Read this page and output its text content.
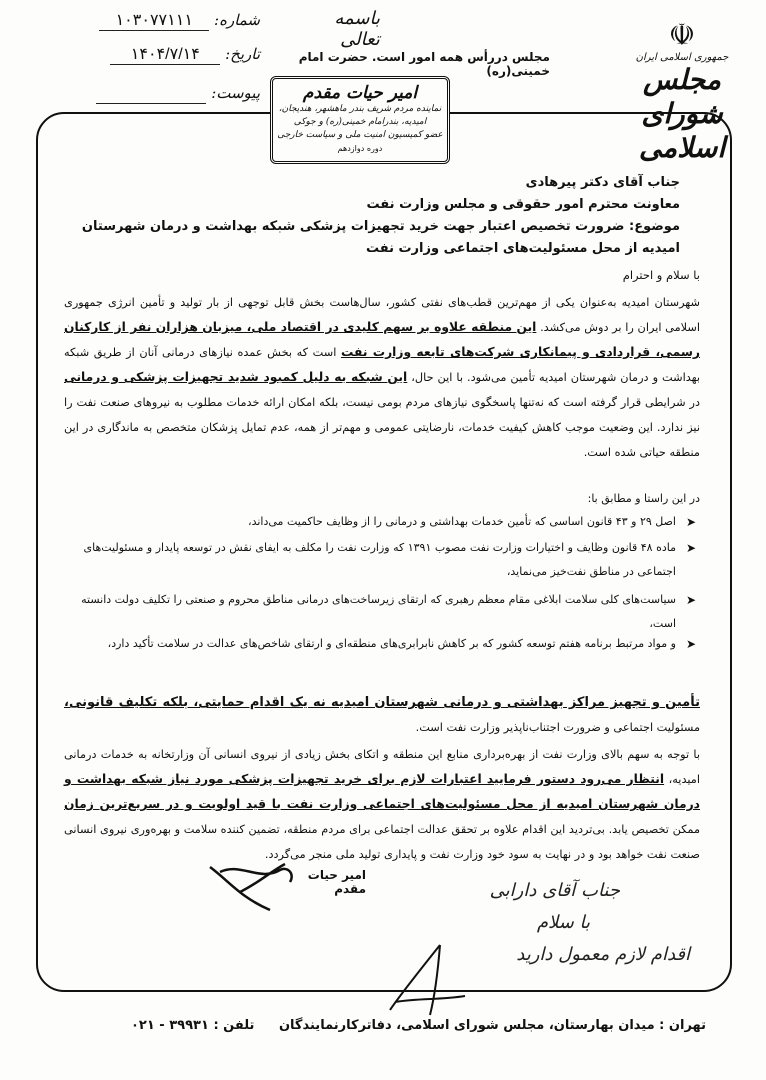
شماره: ۱۰۳۰۷۷۱۱۱
تاریخ: ۱۴۰۴/۷/۱۴
پیوست:
باسمه تعالی
مجلس دررأس همه امور است. حضرت امام خمینی(ره)
☫
جمهوری اسلامی ایران
مجلس شورای اسلامی
امیر حیات مقدم
نماینده مردم شریف بندر ماهشهر، هندیجان، امیدیه، بندرامام خمینی(ره) و جوکی
عضو کمیسیون امنیت ملی و سیاست خارجی
دوره دوازدهم
جناب آقای دکتر پیرهادی
معاونت محترم امور حقوقی و مجلس وزارت نفت
موضوع: ضرورت تخصیص اعتبار جهت خرید تجهیزات پزشکی شبکه بهداشت و درمان شهرستان امیدیه از محل مسئولیت‌های اجتماعی وزارت نفت
با سلام و احترام
شهرستان امیدیه به‌عنوان یکی از مهم‌ترین قطب‌های نفتی کشور، سال‌هاست بخش قابل توجهی از بار تولید و تأمین انرژی جمهوری اسلامی ایران را بر دوش می‌کشد. این منطقه علاوه بر سهم کلیدی در اقتصاد ملی، میزبان هزاران نفر از کارکنان رسمی، قراردادی و پیمانکاری شرکت‌های تابعه وزارت نفت است که بخش عمده نیازهای درمانی آنان از طریق شبکه بهداشت و درمان شهرستان امیدیه تأمین می‌شود. با این حال، این شبکه به دلیل کمبود شدید تجهیزات پزشکی و درمانی در شرایطی قرار گرفته است که نه‌تنها پاسخگوی نیازهای مردم بومی نیست، بلکه امکان ارائه خدمات مطلوب به نیروهای صنعت نفت را نیز ندارد. این وضعیت موجب کاهش کیفیت خدمات، نارضایتی عمومی و مهم‌تر از همه، عدم تمایل پزشکان متخصص به ماندگاری در این منطقه حیاتی شده است.
در این راستا و مطابق با:
➤
اصل ۲۹ و ۴۳ قانون اساسی که تأمین خدمات بهداشتی و درمانی را از وظایف حاکمیت می‌داند،
➤
ماده ۴۸ قانون وظایف و اختیارات وزارت نفت مصوب ۱۳۹۱ که وزارت نفت را مکلف به ایفای نقش در توسعه پایدار و مسئولیت‌های اجتماعی در مناطق نفت‌خیز می‌نماید،
➤
سیاست‌های کلی سلامت ابلاغی مقام معظم رهبری که ارتقای زیرساخت‌های درمانی مناطق محروم و صنعتی را تکلیف دولت دانسته است،
➤
و مواد مرتبط برنامه هفتم توسعه کشور که بر کاهش نابرابری‌های منطقه‌ای و ارتقای شاخص‌های عدالت در سلامت تأکید دارد،
تأمین و تجهیز مراکز بهداشتی و درمانی شهرستان امیدیه نه یک اقدام حمایتی، بلکه تکلیف قانونی، مسئولیت اجتماعی و ضرورت اجتناب‌ناپذیر وزارت نفت است.
با توجه به سهم بالای وزارت نفت از بهره‌برداری منابع این منطقه و اتکای بخش زیادی از نیروی انسانی آن وزارتخانه به خدمات درمانی امیدیه، انتظار می‌رود دستور فرمایید اعتبارات لازم برای خرید تجهیزات پزشکی مورد نیاز شبکه بهداشت و درمان شهرستان امیدیه از محل مسئولیت‌های اجتماعی وزارت نفت با قید اولویت و در سریع‌ترین زمان ممکن تخصیص یابد. بی‌تردید این اقدام علاوه بر تحقق عدالت اجتماعی برای مردم منطقه، تضمین کننده سلامت و بهره‌وری نیروی انسانی صنعت نفت خواهد بود و در نهایت به سود خود وزارت نفت و پایداری تولید ملی منجر می‌گردد.
امیر حیات مقدم	جناب آقای دارابی
با سلام
اقدام لازم معمول دارید
تهران : میدان بهارستان، مجلس شورای اسلامی، دفاترکارنمایندگان تلفن : ۳۹۹۳۱ - ۰۲۱
